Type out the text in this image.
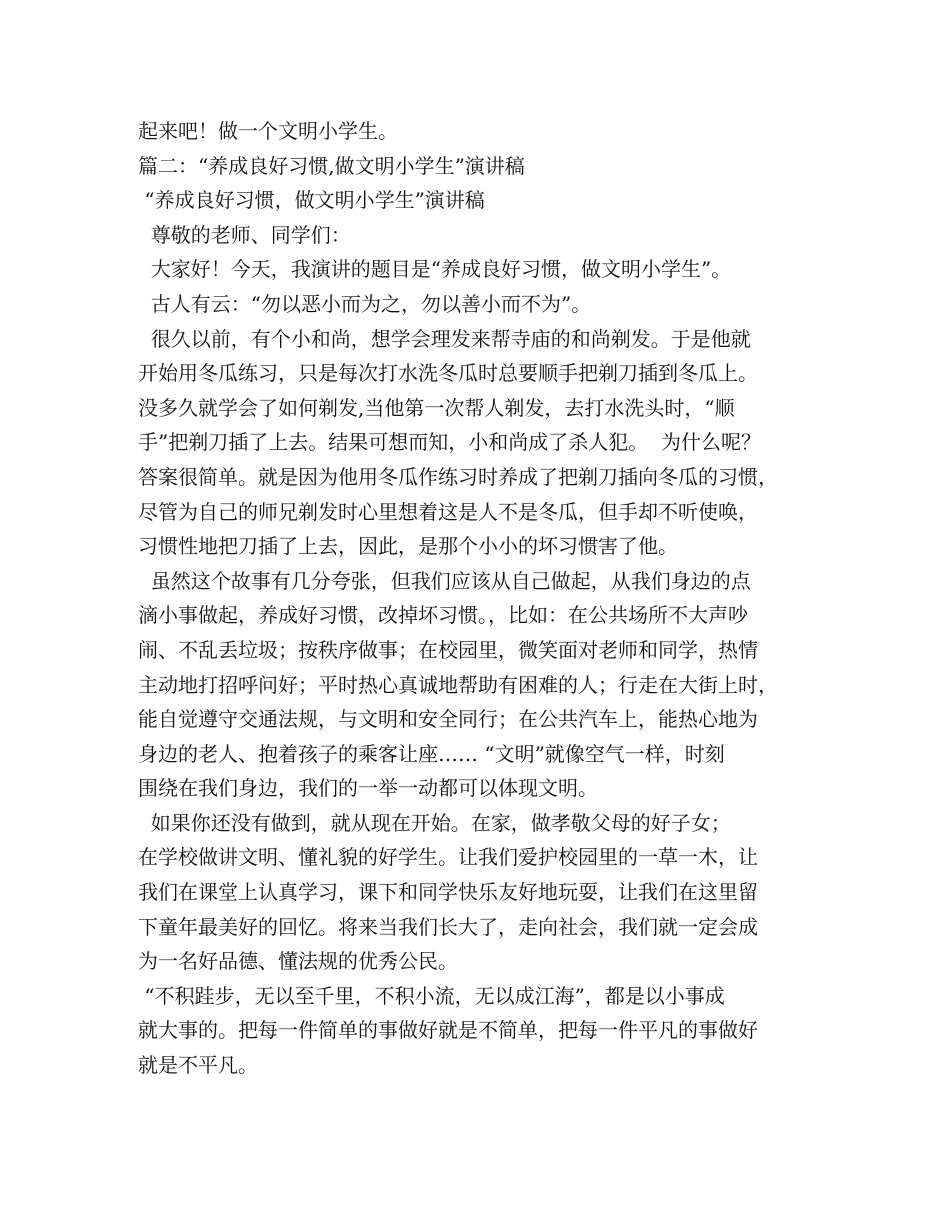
起来吧！做一个文明小学生。
篇二：“养成良好习惯,做文明小学生”演讲稿
“养成良好习惯，做文明小学生”演讲稿
尊敬的老师、同学们：
大家好！今天，我演讲的题目是“养成良好习惯，做文明小学生”。
古人有云：“勿以恶小而为之，勿以善小而不为”。
很久以前，有个小和尚，想学会理发来帮寺庙的和尚剃发。于是他就
开始用冬瓜练习，只是每次打水洗冬瓜时总要顺手把剃刀插到冬瓜上。
没多久就学会了如何剃发,当他第一次帮人剃发，去打水洗头时，“顺
手”把剃刀插了上去。结果可想而知，小和尚成了杀人犯。  为什么呢？
答案很简单。就是因为他用冬瓜作练习时养成了把剃刀插向冬瓜的习惯，
尽管为自己的师兄剃发时心里想着这是人不是冬瓜，但手却不听使唤，
习惯性地把刀插了上去，因此，是那个小小的坏习惯害了他。
虽然这个故事有几分夸张，但我们应该从自己做起，从我们身边的点
滴小事做起，养成好习惯，改掉坏习惯。，比如：在公共场所不大声吵
闹、不乱丢垃圾；按秩序做事；在校园里，微笑面对老师和同学，热情
主动地打招呼问好；平时热心真诚地帮助有困难的人；行走在大街上时，
能自觉遵守交通法规，与文明和安全同行；在公共汽车上，能热心地为
身边的老人、抱着孩子的乘客让座…… “文明”就像空气一样，时刻
围绕在我们身边，我们的一举一动都可以体现文明。
如果你还没有做到，就从现在开始。在家，做孝敬父母的好子女；
在学校做讲文明、懂礼貌的好学生。让我们爱护校园里的一草一木，让
我们在课堂上认真学习，课下和同学快乐友好地玩耍，让我们在这里留
下童年最美好的回忆。将来当我们长大了，走向社会，我们就一定会成
为一名好品德、懂法规的优秀公民。
“不积跬步，无以至千里，不积小流，无以成江海”，都是以小事成
就大事的。把每一件简单的事做好就是不简单，把每一件平凡的事做好
就是不平凡。
